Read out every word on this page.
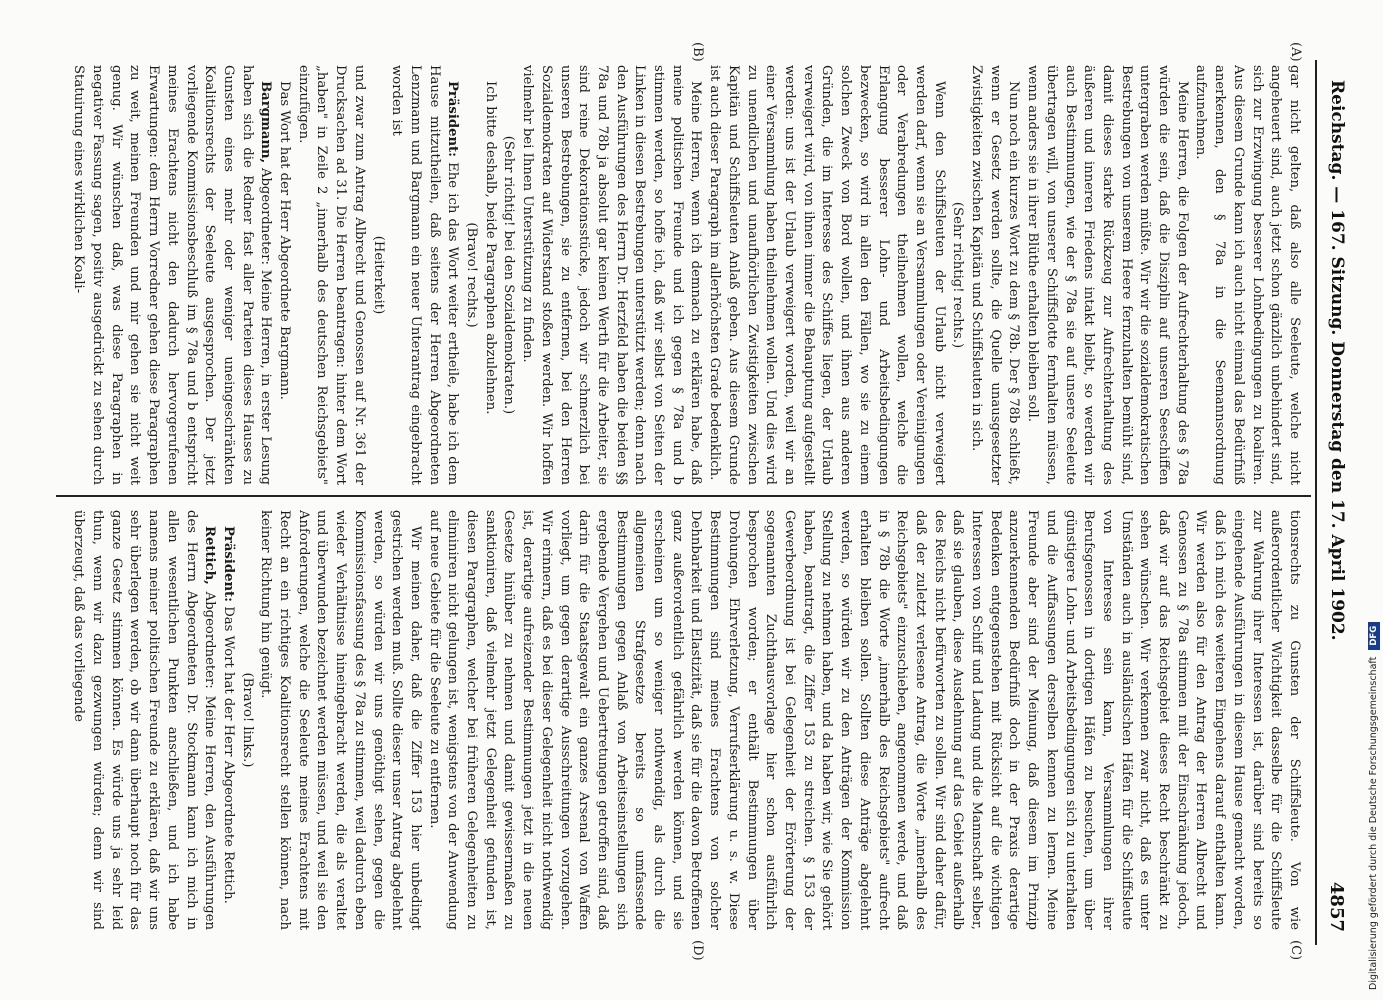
Reichstag. — 167. Sitzung. Donnerstag den 17. April 1902.
4857
(A)
(B)
(C)
(D)

gar nicht gelten, daß also alle Seeleute, welche nicht angeheuert sind, auch jetzt schon gänzlich unbehindert sind, sich zur Erzwingung besserer Lohnbedingungen zu koaliren. Aus diesem Grunde kann ich auch nicht einmal das Bedürfniß anerkennen, den § 78a in die Seemannsordnung aufzunehmen.

Meine Herren, die Folgen der Aufrechterhaltung des § 78a würden die sein, daß die Disziplin auf unseren Seeschiffen untergraben werden müßte. Wir wir die sozialdemokratischen Bestrebungen von unserem Heere fernzuhalten bemüht sind, damit dieses starke Rückzeug zur Aufrechterhaltung des äußeren und inneren Friedens intakt bleibt, so werden wir auch Bestimmungen, wie der § 78a sie auf unsere Seeleute übertragen will, von unserer Schiffsflotte fernhalten müssen, wenn anders sie in ihrer Blüthe erhalten bleiben soll.

Nun noch ein kurzes Wort zu dem § 78b. Der § 78b schließt, wenn er Gesetz werden sollte, die Quelle unausgesetzter Zwistigkeiten zwischen Kapitän und Schiffsleuten in sich.

(Sehr richtig! rechts.)

Wenn den Schiffsleuten der Urlaub nicht verweigert werden darf, wenn sie an Versammlungen oder Vereinigungen oder Verabredungen theilnehmen wollen, welche die Erlangung besserer Lohn- und Arbeitsbedingungen bezwecken, so wird in allen den Fällen, wo sie zu einem solchen Zweck von Bord wollen, und ihnen aus anderen Gründen, die im Interesse des Schiffes liegen, der Urlaub verweigert wird, von ihnen immer die Behauptung aufgestellt werden: uns ist der Urlaub verweigert worden, weil wir an einer Versammlung haben theilnehmen wollen. Und dies wird zu unendlichen und unaufhörlichen Zwistigkeiten zwischen Kapitän und Schiffsleuten Anlaß geben. Aus diesem Grunde ist auch dieser Paragraph im allerhöchsten Grade bedenklich.

Meine Herren, wenn ich demnach zu erklären habe, daß meine politischen Freunde und ich gegen § 78a und b stimmen werden, so hoffe ich, daß wir selbst von Seiten der Linken in diesen Bestrebungen unterstützt werden; denn nach den Ausführungen des Herrn Dr. Herzfeld haben die beiden §§ 78a und 78b ja absolut gar keinen Werth für die Arbeiter, sie sind reine Dekorationsstücke, jedoch wir schmerzlich bei unseren Bestrebungen, sie zu entfernen, bei den Herren Sozialdemokraten auf Widerstand stoßen werden. Wir hoffen vielmehr bei Ihnen Unterstützung zu finden.

(Sehr richtig! bei den Sozialdemokraten.)

Ich bitte deshalb, beide Paragraphen abzulehnen.

(Bravo! rechts.)

Präsident: Ehe ich das Wort weiter ertheile, habe ich dem Hause mitzutheilen, daß seitens der Herren Abgeordneten Lenzmann und Bargmann ein neuer Unterantrag eingebracht worden ist

(Heiterkeit)

und zwar zum Antrag Albrecht und Genossen auf Nr. 361 der Drucksachen ad 31. Die Herren beantragen: hinter dem Wort „haben" in Zeile 2 „innerhalb des deutschen Reichsgebiets" einzufügen.

Das Wort hat der Herr Abgeordnete Bargmann.

Bargmann, Abgeordneter: Meine Herren, in erster Lesung haben sich die Redner fast aller Parteien dieses Hauses zu Gunsten eines mehr oder weniger uneingeschränkten Koalitionsrechts der Seeleute ausgesprochen. Der jetzt vorliegende Kommissionsbeschluß im § 78a und b entspricht meines Erachtens nicht den dadurch hervorgerufenen Erwartungen: dem Herrn Vorredner gehen diese Paragraphen zu weit, meinen Freunden und mir gehen sie nicht weit genug. Wir wünschen daß, was diese Paragraphen in negativer Fassung sagen, positiv ausgedrückt zu sehen durch Statuirung eines wirklichen Koali-

tionsrechts zu Gunsten der Schiffsleute. Von wie außerordentlicher Wichtigkeit dasselbe für die Schiffsleute zur Wahrung ihrer Interessen ist, darüber sind bereits so eingehende Ausführungen in diesem Hause gemacht worden, daß ich mich des weiteren Eingehens darauf enthalten kann. Wir werden also für den Antrag der Herren Albrecht und Genossen zu § 78a stimmen mit der Einschränkung jedoch, daß wir auf das Reichsgebiet dieses Recht beschränkt zu sehen wünschen. Wir verkennen zwar nicht, daß es unter Umständen auch in ausländischen Häfen für die Schiffsleute von Interesse sein kann, Versammlungen ihrer Berufsgenossen in dortigen Häfen zu besuchen, um über günstigere Lohn- und Arbeitsbedingungen sich zu unterhalten und die Auffassungen derselben kennen zu lernen. Meine Freunde aber sind der Meinung, daß diesem im Prinzip anzuerkennenden Bedürfniß doch in der Praxis derartige Bedenken entgegenstehen mit Rücksicht auf die wichtigen Interessen von Schiff und Ladung und die Mannschaft selber, daß sie glauben, diese Ausdehnung auf das Gebiet außerhalb des Reichs nicht befürworten zu sollen. Wir sind daher dafür, daß der zuletzt verlesene Antrag, die Worte „innerhalb des Reichsgebiets" einzuschieben, angenommen werde, und daß in § 78b die Worte „innerhalb des Reichsgebiets" aufrecht erhalten bleiben sollen. Sollten diese Anträge abgelehnt werden, so würden wir zu den Anträgen der Kommission Stellung zu nehmen haben, und da haben wir, wie Sie gehört haben, beantragt, die Ziffer 153 zu streichen. § 153 der Gewerbeordnung ist bei Gelegenheit der Erörterung der sogenannten Zuchthausvorlage hier schon ausführlich besprochen worden; er enthält Bestimmungen über Drohungen, Ehrverletzung, Verrufserklärung u. s. w. Diese Bestimmungen sind meines Erachtens von solcher Dehnbarkeit und Elastizität, daß sie für die davon Betroffenen ganz außerordentlich gefährlich werden können, und sie erscheinen um so weniger nothwendig, als durch die allgemeinen Strafgesetze bereits so umfassende Bestimmungen gegen Anlaß von Arbeitseinstellungen sich ergebende Vergehen und Uebertretungen getroffen sind, daß darin für die Staatsgewalt ein ganzes Arsenal von Waffen vorliegt, um gegen derartige Ausschreitungen vorzugehen. Wir erinnern, daß es bei dieser Gelegenheit nicht nothwendig ist, derartige aufreizender Bestimmungen jetzt in die neuen Gesetze hinüber zu nehmen und damit gewissermaßen zu sanktioniren, daß vielmehr jetzt Gelegenheit gefunden ist, diesen Paragraphen, welcher bei früheren Gelegenheiten zu eliminiren nicht gelungen ist, wenigstens von der Anwendung auf neue Gebiete für die Seeleute zu entfernen.

Wir meinen daher, daß die Ziffer 153 hier unbedingt gestrichen werden muß. Sollte dieser unser Antrag abgelehnt werden, so würden wir uns genöthigt sehen, gegen die Kommissionsfassung des § 78a zu stimmen, weil dadurch eben wieder Verhältnisse hineingebracht werden, die als veraltet und überwunden bezeichnet werden müssen, und weil sie den Anforderungen, welche die Seeleute meines Erachtens mit Recht an ein richtiges Koalitionsrecht stellen können, nach keiner Richtung hin genügt.

(Bravo! links.)

Präsident: Das Wort hat der Herr Abgeordnete Rettich.

Rettich, Abgeordneter: Meine Herren, den Ausführungen des Herrn Abgeordneten Dr. Stockmann kann ich mich in allen wesentlichen Punkten anschließen, und ich habe namens meiner politischen Freunde zu erklären, daß wir uns sehr überlegen werden, ob wir dann überhaupt noch für das ganze Gesetz stimmen können. Es würde uns ja sehr leid thun, wenn wir dazu gezwungen würden; denn wir sind überzeugt, daß das vorliegende

Digitalisierung gefördert durch die Deutsche Forschungsgemeinschaft DFG
